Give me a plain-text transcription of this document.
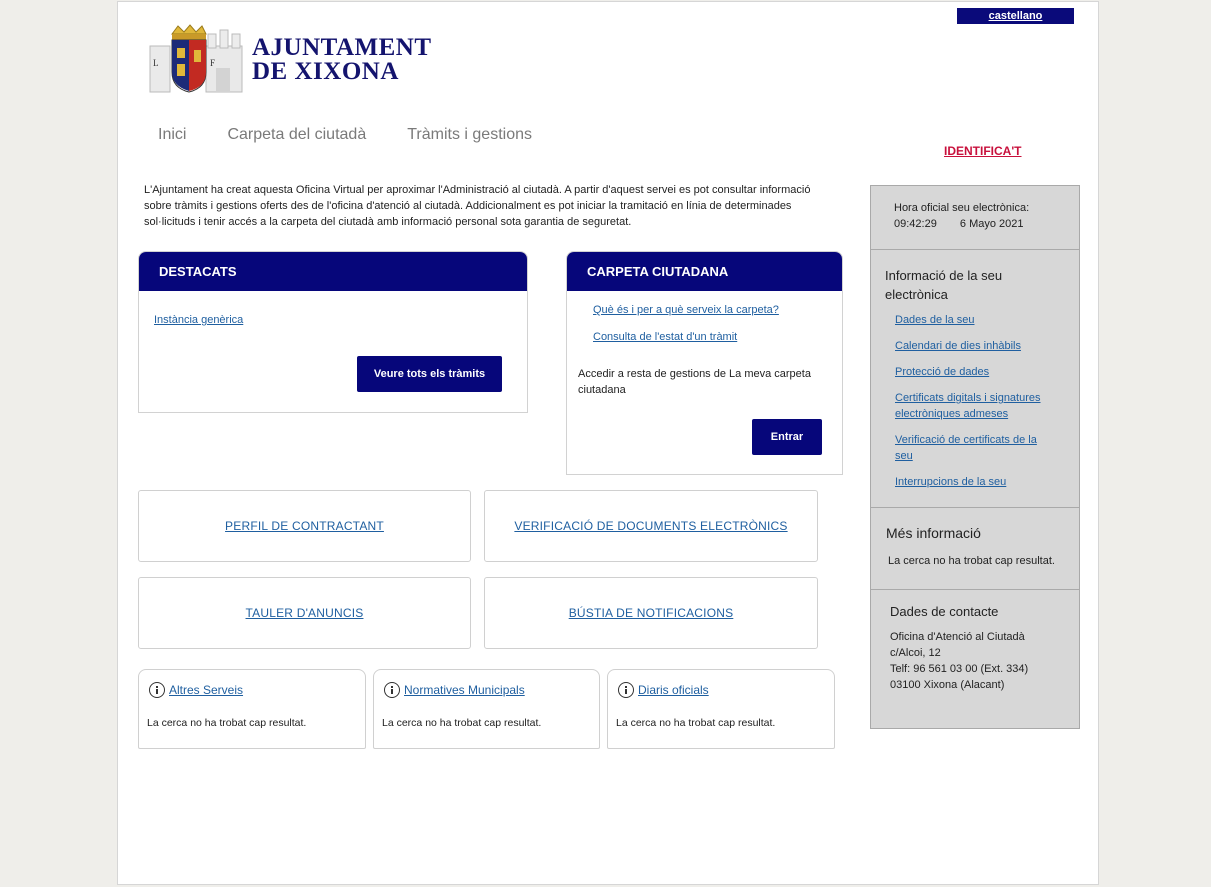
castellano
L	F
AJUNTAMENT
DE XIXONA
Inici	Carpeta del ciutadà	Tràmits i gestions
IDENTIFICA'T
L'Ajuntament ha creat aquesta Oficina Virtual per aproximar l'Administració al ciutadà. A partir d'aquest servei es pot consultar informació sobre tràmits i gestions oferts des de l'oficina d'atenció al ciutadà. Addicionalment es pot iniciar la tramitació en línia de determinades sol·licituds i tenir accés a la carpeta del ciutadà amb informació personal sota garantia de seguretat.
DESTACATS
Instància genèrica
Veure tots els tràmits
CARPETA CIUTADANA
Què és i per a què serveix la carpeta?
Consulta de l'estat d'un tràmit
Accedir a resta de gestions de La meva carpeta ciutadana
Entrar
PERFIL DE CONTRACTANT	VERIFICACIÓ DE DOCUMENTS ELECTRÒNICS
TAULER D'ANUNCIS	BÚSTIA DE NOTIFICACIONS
Altres Serveis
La cerca no ha trobat cap resultat.
Normatives Municipals
La cerca no ha trobat cap resultat.
Diaris oficials
La cerca no ha trobat cap resultat.
Hora oficial seu electrònica:
09:42:29 6 Mayo 2021
Informació de la seu electrònica
Dades de la seu
Calendari de dies inhàbils
Protecció de dades
Certificats digitals i signatures electròniques admeses
Verificació de certificats de la seu
Interrupcions de la seu
Més informació
La cerca no ha trobat cap resultat.
Dades de contacte
Oficina d'Atenció al Ciutadà
c/Alcoi, 12
Telf: 96 561 03 00 (Ext. 334)
03100 Xixona (Alacant)
